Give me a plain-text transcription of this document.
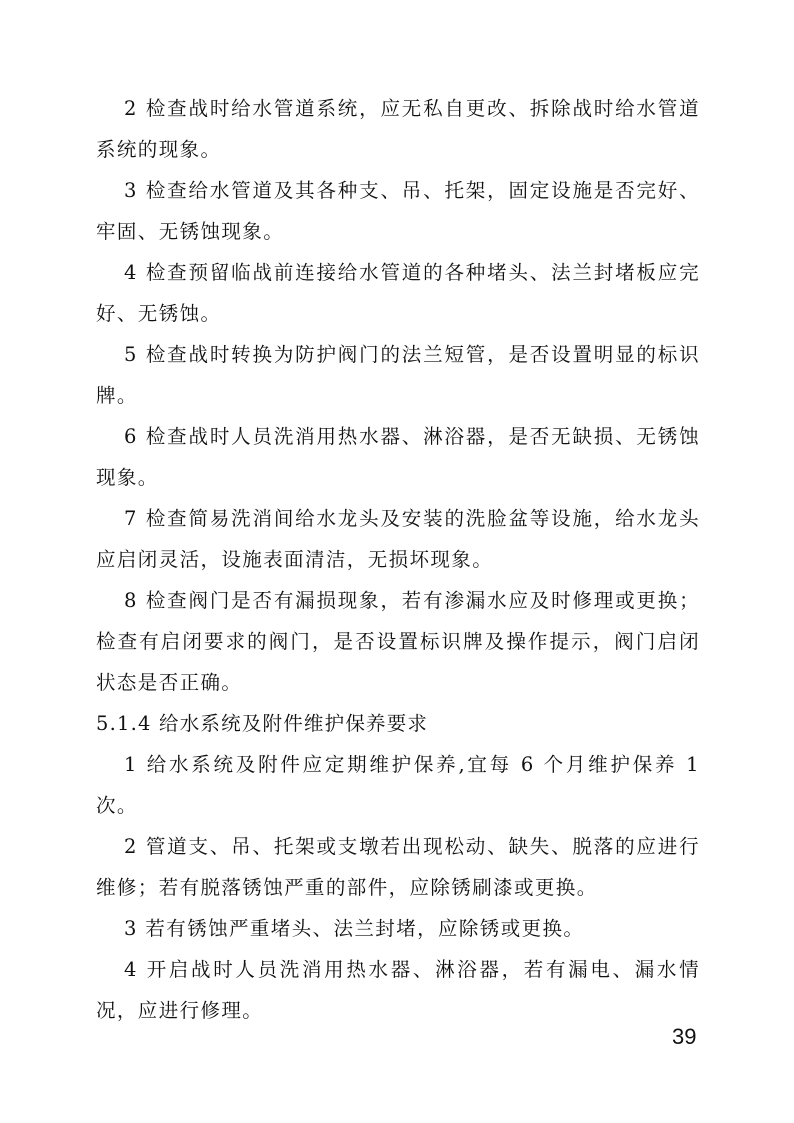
2 检查战时给水管道系统，应无私自更改、拆除战时给水管道系统的现象。

3 检查给水管道及其各种支、吊、托架，固定设施是否完好、牢固、无锈蚀现象。

4 检查预留临战前连接给水管道的各种堵头、法兰封堵板应完好、无锈蚀。

5 检查战时转换为防护阀门的法兰短管，是否设置明显的标识牌。

6 检查战时人员洗消用热水器、淋浴器，是否无缺损、无锈蚀现象。

7 检查简易洗消间给水龙头及安装的洗脸盆等设施，给水龙头应启闭灵活，设施表面清洁，无损坏现象。

8 检查阀门是否有漏损现象，若有渗漏水应及时修理或更换；检查有启闭要求的阀门，是否设置标识牌及操作提示，阀门启闭状态是否正确。

5.1.4 给水系统及附件维护保养要求

1 给水系统及附件应定期维护保养,宜每 6 个月维护保养 1 次。

2 管道支、吊、托架或支墩若出现松动、缺失、脱落的应进行维修；若有脱落锈蚀严重的部件，应除锈刷漆或更换。

3 若有锈蚀严重堵头、法兰封堵，应除锈或更换。

4 开启战时人员洗消用热水器、淋浴器，若有漏电、漏水情况，应进行修理。

39
